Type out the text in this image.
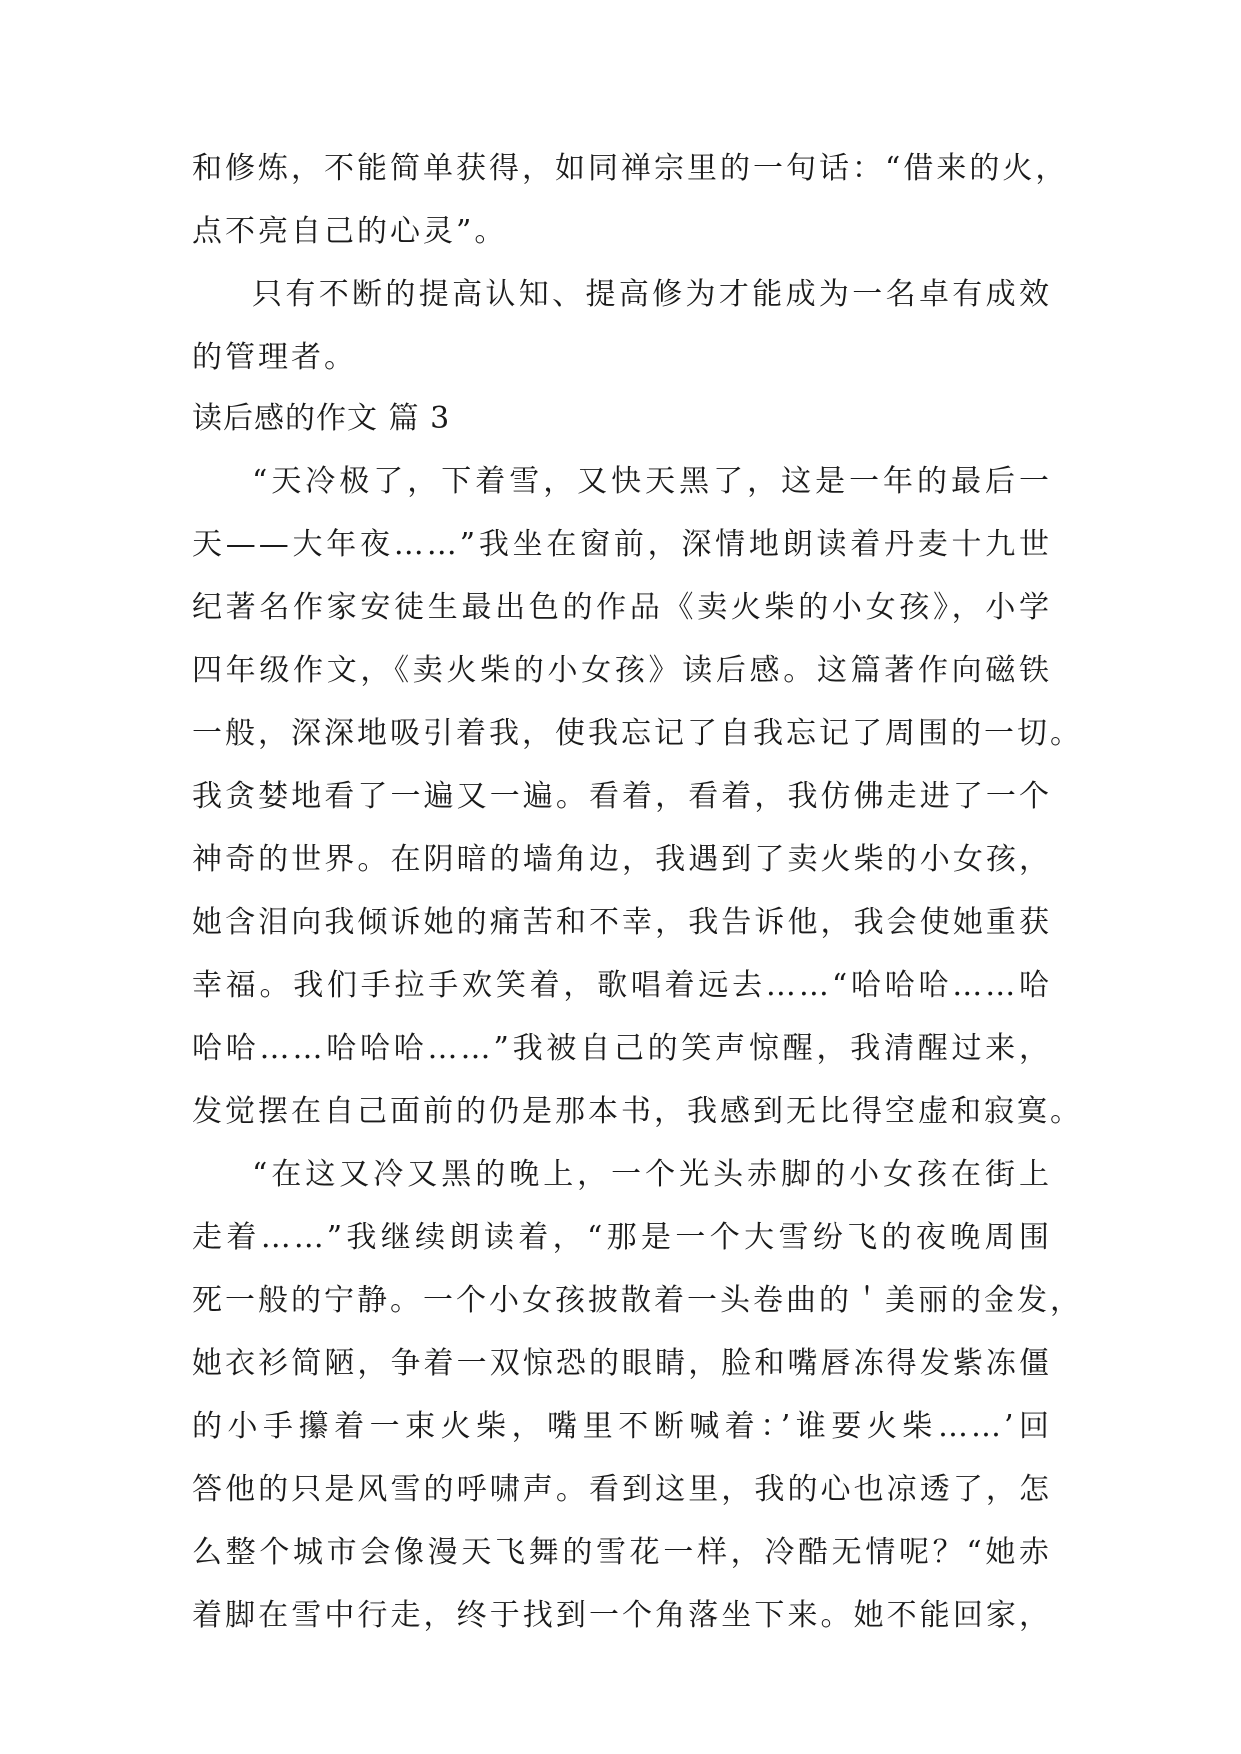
和修炼，不能简单获得，如同禅宗里的一句话：“借来的火，
点不亮自己的心灵”。
只有不断的提高认知、提高修为才能成为一名卓有成效
的管理者。
读后感的作文 篇 3
“天冷极了，下着雪，又快天黑了，这是一年的最后一
天——大年夜……”我坐在窗前，深情地朗读着丹麦十九世
纪著名作家安徒生最出色的作品《卖火柴的小女孩》，小学
四年级作文，《卖火柴的小女孩》读后感。这篇著作向磁铁
一般，深深地吸引着我，使我忘记了自我忘记了周围的一切。
我贪婪地看了一遍又一遍。看着，看着，我仿佛走进了一个
神奇的世界。在阴暗的墙角边，我遇到了卖火柴的小女孩，
她含泪向我倾诉她的痛苦和不幸，我告诉他，我会使她重获
幸福。我们手拉手欢笑着，歌唱着远去……“哈哈哈……哈
哈哈……哈哈哈……”我被自己的笑声惊醒，我清醒过来，
发觉摆在自己面前的仍是那本书，我感到无比得空虚和寂寞。
“在这又冷又黑的晚上，一个光头赤脚的小女孩在街上
走着……”我继续朗读着，“那是一个大雪纷飞的夜晚周围
死一般的宁静。一个小女孩披散着一头卷曲的＇美丽的金发，
她衣衫简陋，争着一双惊恐的眼睛，脸和嘴唇冻得发紫冻僵
的小手攥着一束火柴，嘴里不断喊着：’谁要火柴……’回
答他的只是风雪的呼啸声。看到这里，我的心也凉透了，怎
么整个城市会像漫天飞舞的雪花一样，冷酷无情呢？“她赤
着脚在雪中行走，终于找到一个角落坐下来。她不能回家，
